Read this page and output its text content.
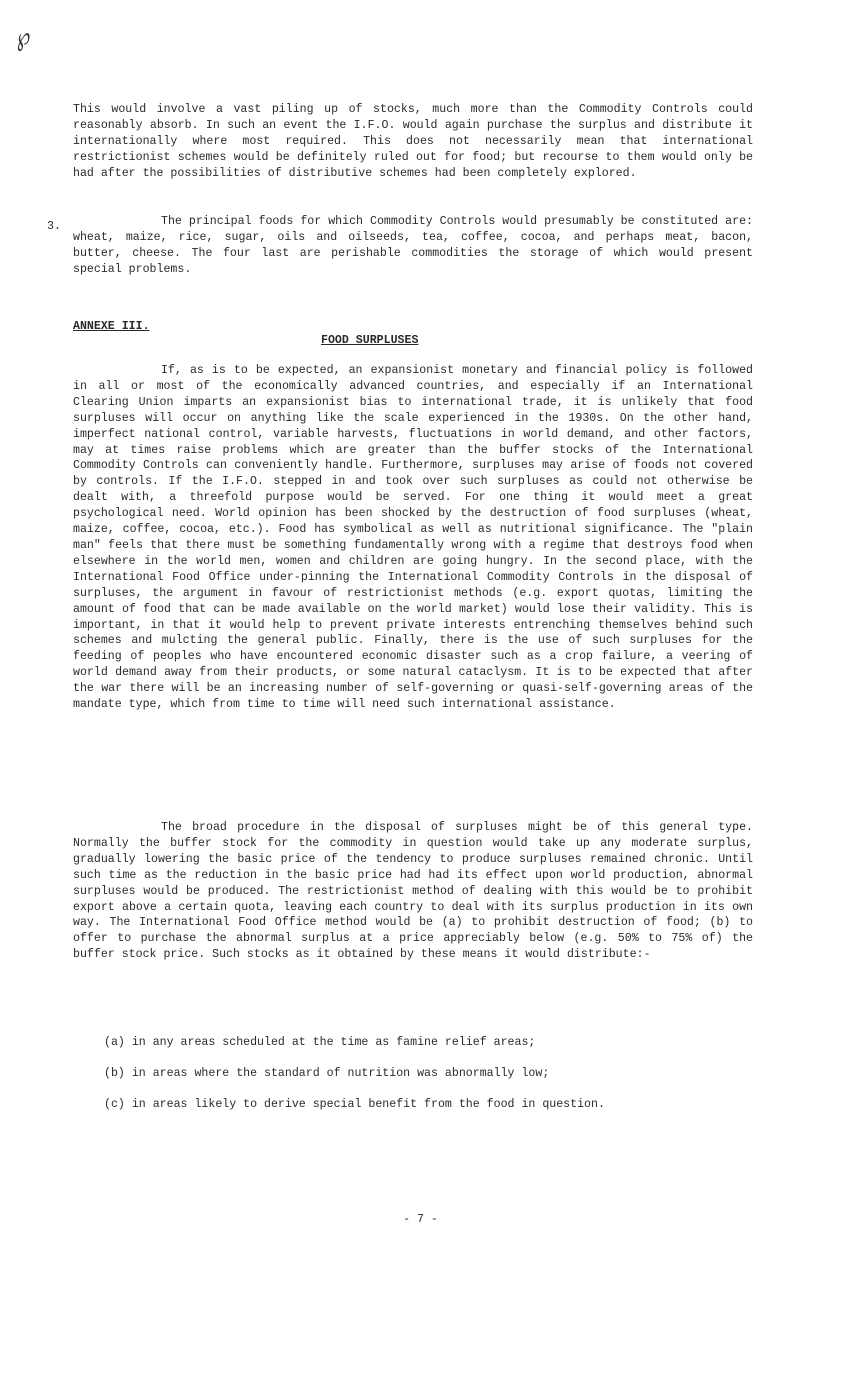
℘

This would involve a vast piling up of stocks, much more than the Commodity Controls could reasonably absorb. In such an event the I.F.O. would again purchase the surplus and distribute it internationally where most required. This does not necessarily mean that international restrictionist schemes would be definitely ruled out for food; but recourse to them would only be had after the possibilities of distributive schemes had been completely explored.

3.	The principal foods for which Commodity Controls would presumably be constituted are: wheat, maize, rice, sugar, oils and oilseeds, tea, coffee, cocoa, and perhaps meat, bacon, butter, cheese. The four last are perishable commodities the storage of which would present special problems.

ANNEXE III.
FOOD SURPLUSES

If, as is to be expected, an expansionist monetary and financial policy is followed in all or most of the economically advanced countries, and especially if an International Clearing Union imparts an expansionist bias to international trade, it is unlikely that food surpluses will occur on anything like the scale experienced in the 1930s. On the other hand, imperfect national control, variable harvests, fluctuations in world demand, and other factors, may at times raise problems which are greater than the buffer stocks of the International Commodity Controls can conveniently handle. Furthermore, surpluses may arise of foods not covered by controls. If the I.F.O. stepped in and took over such surpluses as could not otherwise be dealt with, a threefold purpose would be served. For one thing it would meet a great psychological need. World opinion has been shocked by the destruction of food surpluses (wheat, maize, coffee, cocoa, etc.). Food has symbolical as well as nutritional significance. The "plain man" feels that there must be something fundamentally wrong with a regime that destroys food when elsewhere in the world men, women and children are going hungry. In the second place, with the International Food Office under-pinning the International Commodity Controls in the disposal of surpluses, the argument in favour of restrictionist methods (e.g. export quotas, limiting the amount of food that can be made available on the world market) would lose their validity. This is important, in that it would help to prevent private interests entrenching themselves behind such schemes and mulcting the general public. Finally, there is the use of such surpluses for the feeding of peoples who have encountered economic disaster such as a crop failure, a veering of world demand away from their products, or some natural cataclysm. It is to be expected that after the war there will be an increasing number of self-governing or quasi-self-governing areas of the mandate type, which from time to time will need such international assistance.

The broad procedure in the disposal of surpluses might be of this general type. Normally the buffer stock for the commodity in question would take up any moderate surplus, gradually lowering the basic price of the tendency to produce surpluses remained chronic. Until such time as the reduction in the basic price had had its effect upon world production, abnormal surpluses would be produced. The restrictionist method of dealing with this would be to prohibit export above a certain quota, leaving each country to deal with its surplus production in its own way. The International Food Office method would be (a) to prohibit destruction of food; (b) to offer to purchase the abnormal surplus at a price appreciably below (e.g. 50% to 75% of) the buffer stock price. Such stocks as it obtained by these means it would distribute:-

(a) in any areas scheduled at the time as famine relief areas;

(b) in areas where the standard of nutrition was abnormally low;

(c) in areas likely to derive special benefit from the food in question.

- 7 -
